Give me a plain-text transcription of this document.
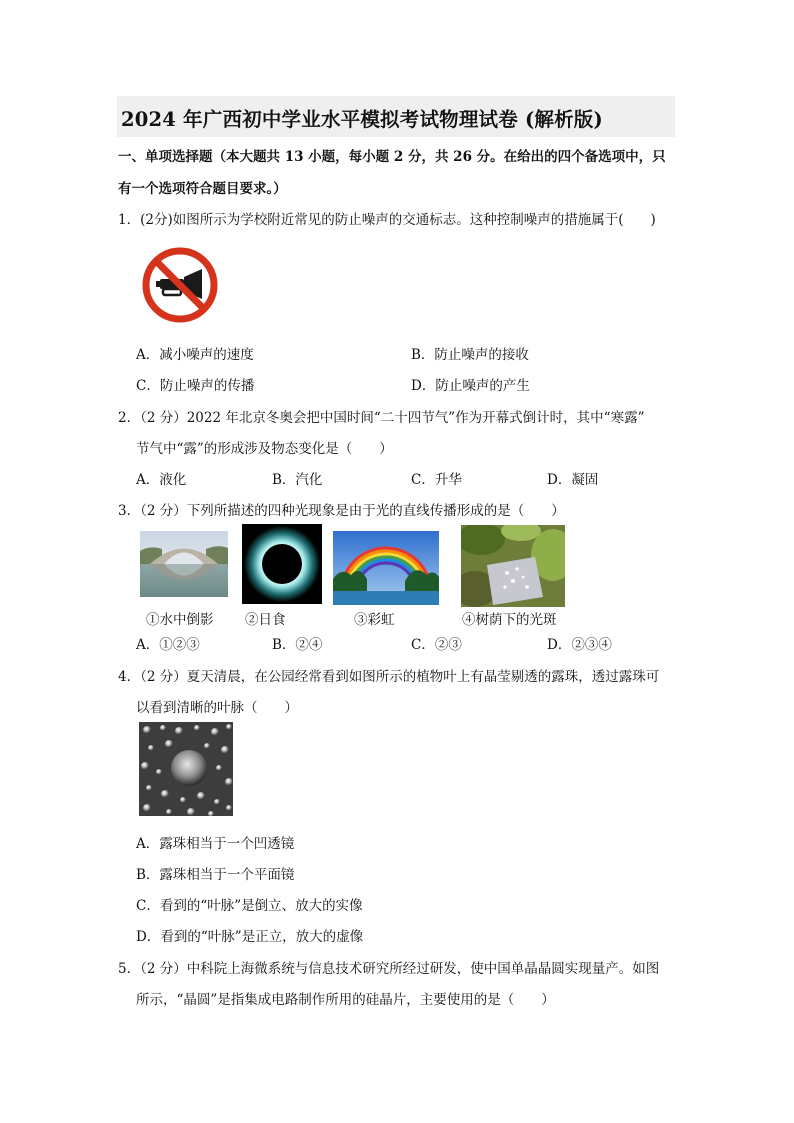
2024 年广西初中学业水平模拟考试物理试卷 (解析版)
一、单项选择题（本大题共 13 小题，每小题 2 分，共 26 分。在给出的四个备选项中，只
有一个选项符合题目要求。）
1．(2分)如图所示为学校附近常见的防止噪声的交通标志。这种控制噪声的措施属于(　　)
A．减小噪声的速度	B．防止噪声的接收
C．防止噪声的传播	D．防止噪声的产生
2．（2 分）2022 年北京冬奥会把中国时间“二十四节气”作为开幕式倒计时，其中“寒露”
节气中“露”的形成涉及物态变化是（　　）
A．液化	B．汽化	C．升华	D．凝固
3．（2 分）下列所描述的四种光现象是由于光的直线传播形成的是（　　）
①水中倒影 ②日食	③彩虹	④树荫下的光斑
A．①②③	B．②④	C．②③	D．②③④
4．（2 分）夏天清晨，在公园经常看到如图所示的植物叶上有晶莹剔透的露珠，透过露珠可
以看到清晰的叶脉（　　）
A．露珠相当于一个凹透镜
B．露珠相当于一个平面镜
C．看到的“叶脉”是倒立、放大的实像
D．看到的“叶脉”是正立，放大的虚像
5．（2 分）中科院上海微系统与信息技术研究所经过研发，使中国单晶晶圆实现量产。如图
所示，“晶圆”是指集成电路制作所用的硅晶片，主要使用的是（　　）
